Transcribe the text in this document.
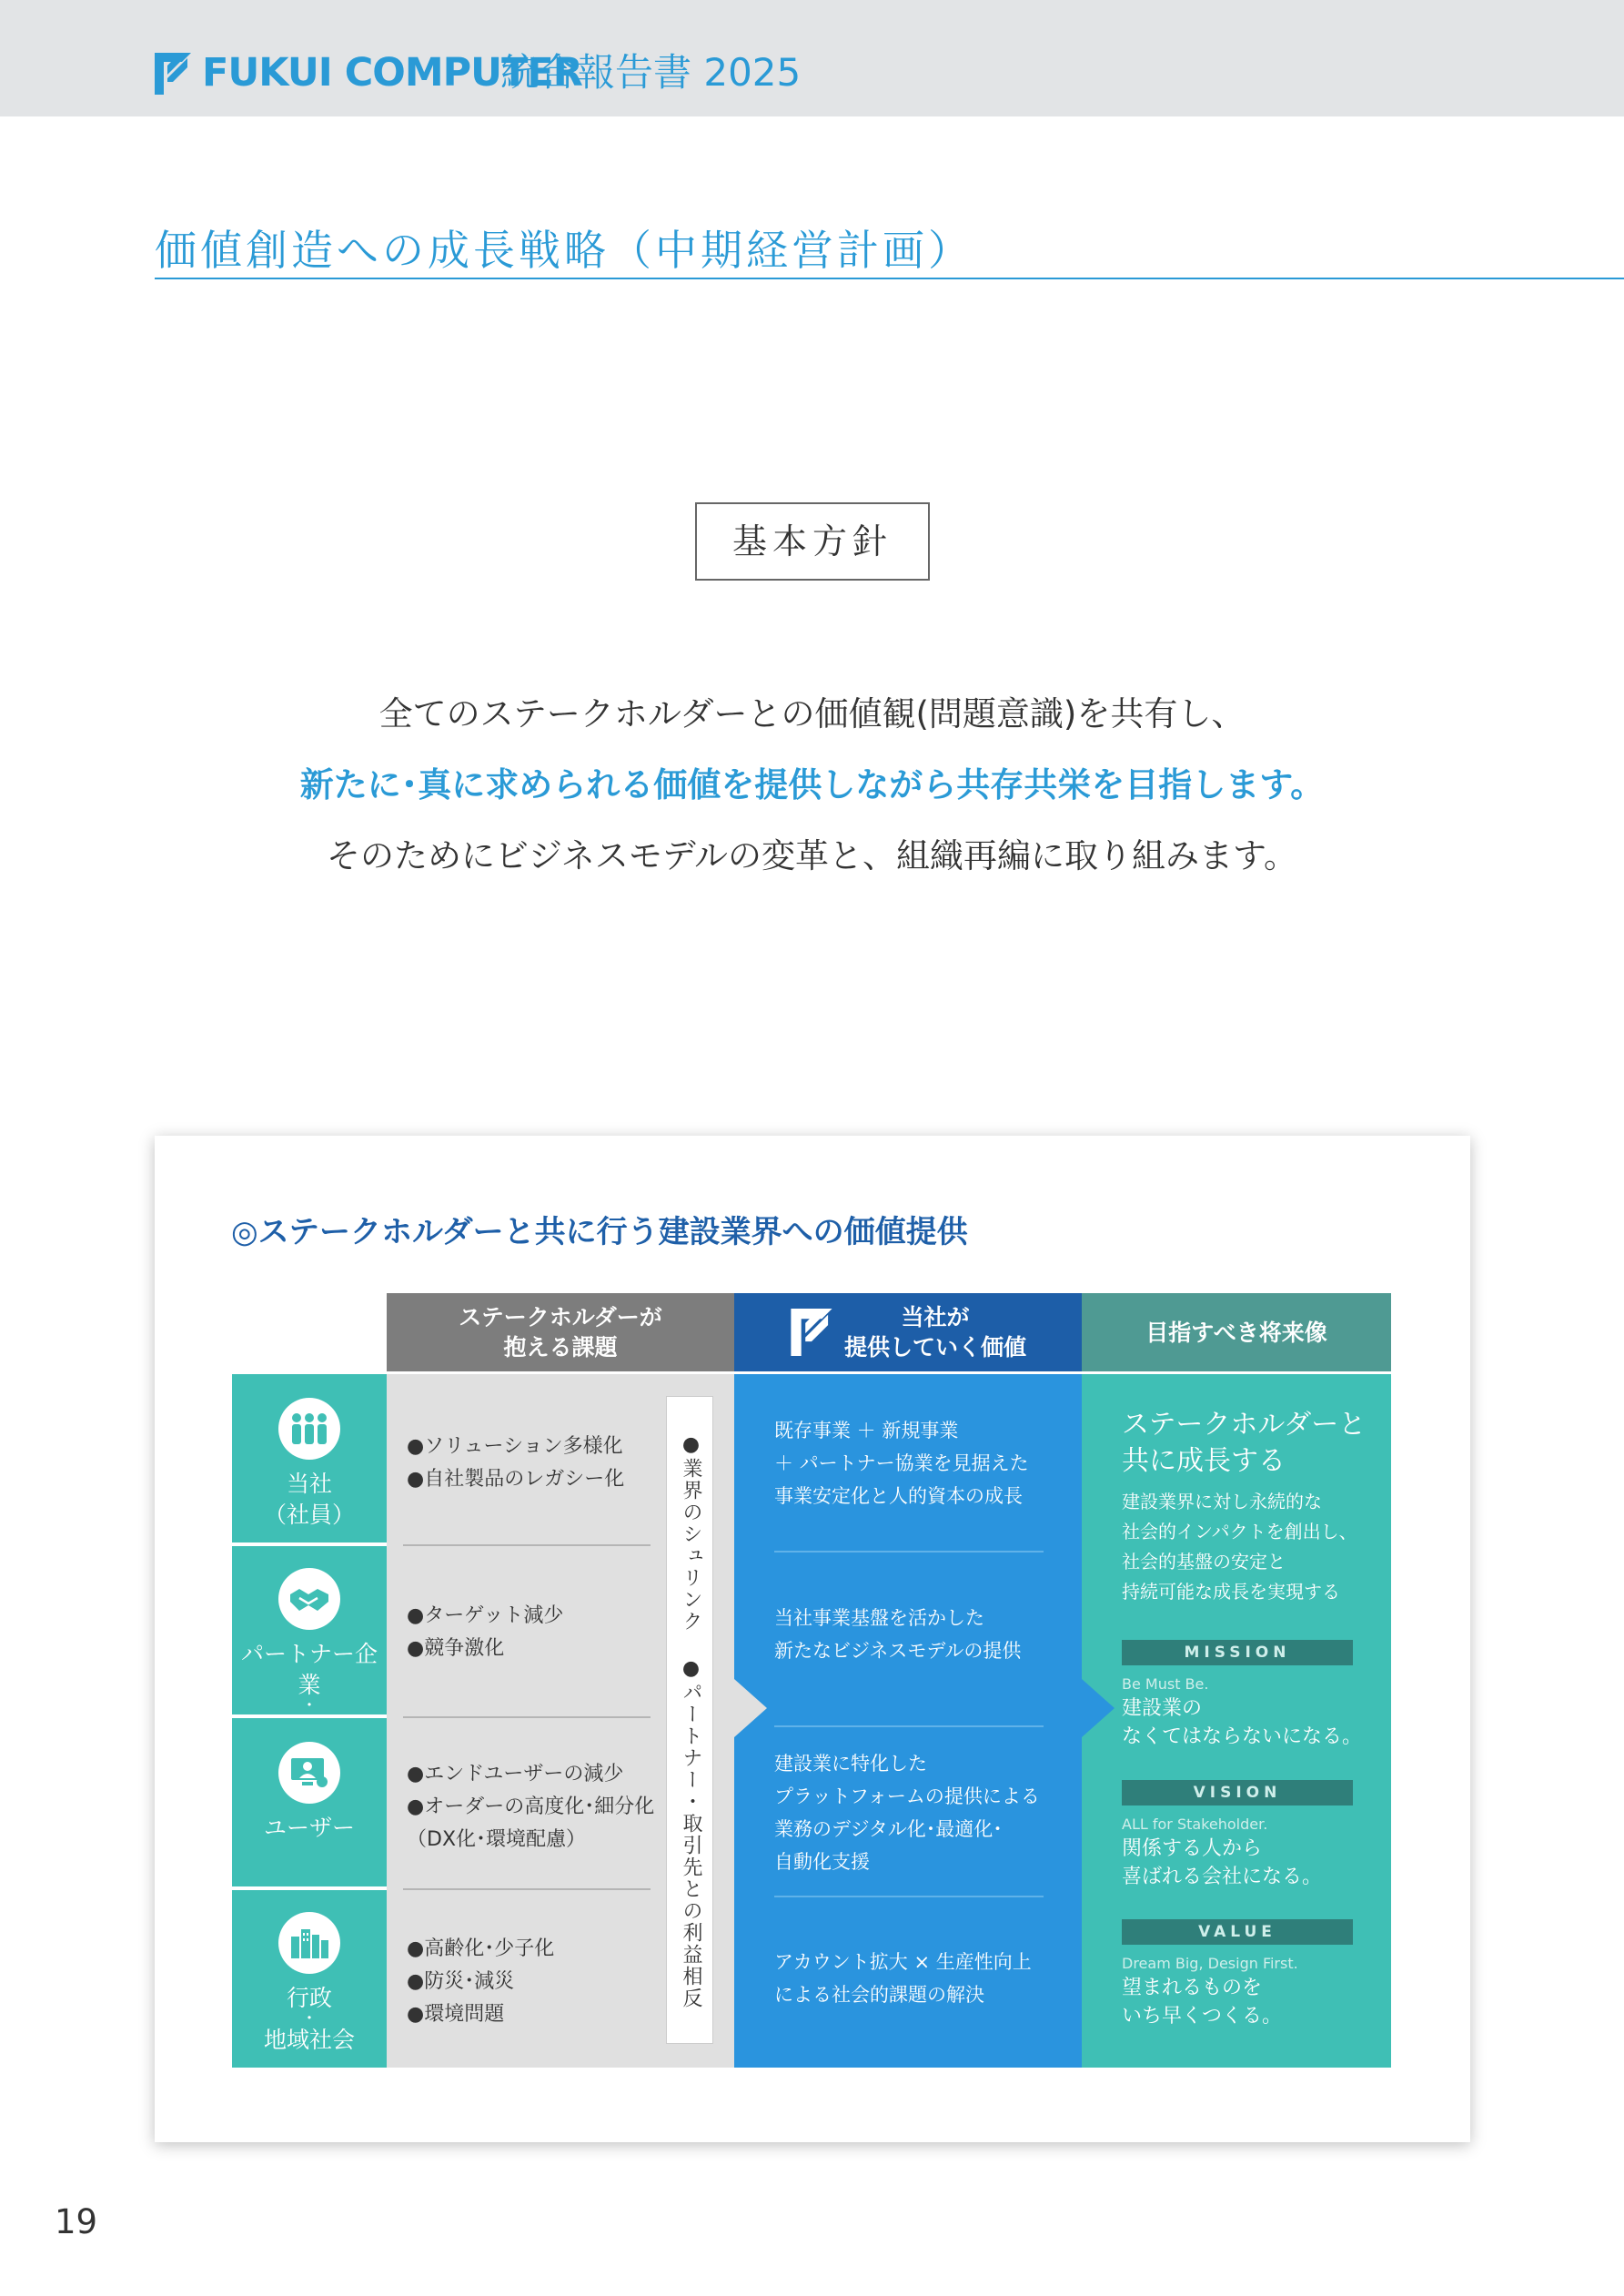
FUKUI COMPUTER
統合報告書 2025
価値創造への成長戦略（中期経営計画）
基本方針
全てのステークホルダーとの価値観(問題意識)を共有し、
新たに･真に求められる価値を提供しながら共存共栄を目指します。
そのためにビジネスモデルの変革と、組織再編に取り組みます。
◎ステークホルダーと共に行う建設業界への価値提供
ステークホルダーが
抱える課題
当社が
提供していく価値
目指すべき将来像
当社
（社員）
パートナー企業
・
ユーザー
行政
・
地域社会
●ソリューション多様化
●自社製品のレガシー化
●ターゲット減少
●競争激化
●エンドユーザーの減少
●オーダーの高度化･細分化
（DX化･環境配慮）
●高齢化･少子化
●防災･減災
●環境問題
●業界のシュリンク ●パートナー･取引先との利益相反
既存事業 ＋ 新規事業
＋ パートナー協業を見据えた
事業安定化と人的資本の成長
当社事業基盤を活かした
新たなビジネスモデルの提供
建設業に特化した
プラットフォームの提供による
業務のデジタル化･最適化･
自動化支援
アカウント拡大 × 生産性向上
による社会的課題の解決
ステークホルダーと
共に成長する
建設業界に対し永続的な
社会的インパクトを創出し、
社会的基盤の安定と
持続可能な成長を実現する
MISSION
Be Must Be.
建設業の
なくてはならないになる。
VISION
ALL for Stakeholder.
関係する人から
喜ばれる会社になる。
VALUE
Dream Big, Design First.
望まれるものを
いち早くつくる。
19
